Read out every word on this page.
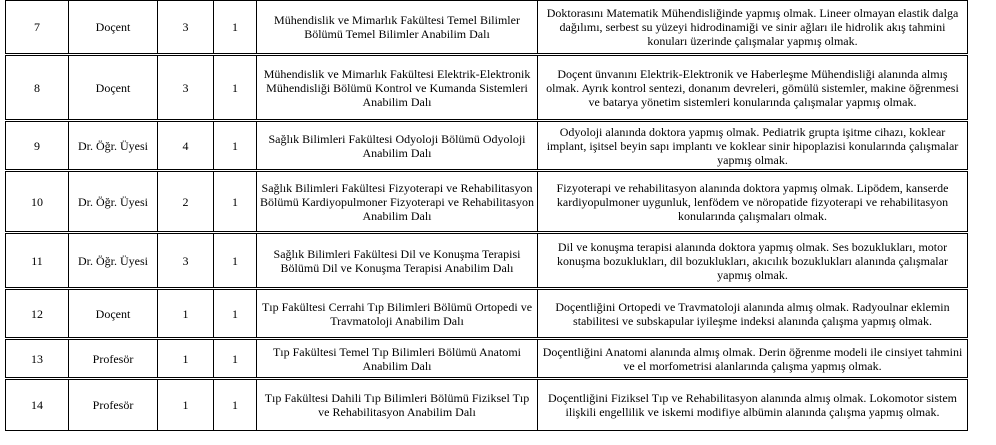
7	Doçent	3	1	Mühendislik ve Mimarlık Fakültesi Temel Bilimler Bölümü Temel Bilimler Anabilim Dalı	Doktorasını Matematik Mühendisliğinde yapmış olmak. Lineer olmayan elastik dalga dağılımı, serbest su yüzeyi hidrodinamiği ve sinir ağları ile hidrolik akış tahmini konuları üzerinde çalışmalar yapmış olmak.
8	Doçent	3	1	Mühendislik ve Mimarlık Fakültesi Elektrik-Elektronik Mühendisliği Bölümü Kontrol ve Kumanda Sistemleri Anabilim Dalı	Doçent ünvanını Elektrik-Elektronik ve Haberleşme Mühendisliği alanında almış olmak. Ayrık kontrol sentezi, donanım devreleri, gömülü sistemler, makine öğrenmesi ve batarya yönetim sistemleri konularında çalışmalar yapmış olmak.
9	Dr. Öğr. Üyesi	4	1	Sağlık Bilimleri Fakültesi Odyoloji Bölümü Odyoloji Anabilim Dalı	Odyoloji alanında doktora yapmış olmak. Pediatrik grupta işitme cihazı, koklear implant, işitsel beyin sapı implantı ve koklear sinir hipoplazisi konularında çalışmalar yapmış olmak.
10	Dr. Öğr. Üyesi	2	1	Sağlık Bilimleri Fakültesi Fizyoterapi ve Rehabilitasyon Bölümü Kardiyopulmoner Fizyoterapi ve Rehabilitasyon Anabilim Dalı	Fizyoterapi ve rehabilitasyon alanında doktora yapmış olmak. Lipödem, kanserde kardiyopulmoner uygunluk, lenfödem ve nöropatide fizyoterapi ve rehabilitasyon konularında çalışmaları olmak.
11	Dr. Öğr. Üyesi	3	1	Sağlık Bilimleri Fakültesi Dil ve Konuşma Terapisi Bölümü Dil ve Konuşma Terapisi Anabilim Dalı	Dil ve konuşma terapisi alanında doktora yapmış olmak. Ses bozuklukları, motor konuşma bozuklukları, dil bozuklukları, akıcılık bozuklukları alanında çalışmalar yapmış olmak.
12	Doçent	1	1	Tıp Fakültesi Cerrahi Tıp Bilimleri Bölümü Ortopedi ve Travmatoloji Anabilim Dalı	Doçentliğini Ortopedi ve Travmatoloji alanında almış olmak. Radyoulnar eklemin stabilitesi ve subskapular iyileşme indeksi alanında çalışma yapmış olmak.
13	Profesör	1	1	Tıp Fakültesi Temel Tıp Bilimleri Bölümü Anatomi Anabilim Dalı	Doçentliğini Anatomi alanında almış olmak. Derin öğrenme modeli ile cinsiyet tahmini ve el morfometrisi alanlarında çalışma yapmış olmak.
14	Profesör	1	1	Tıp Fakültesi Dahili Tıp Bilimleri Bölümü Fiziksel Tıp ve Rehabilitasyon Anabilim Dalı	Doçentliğini Fiziksel Tıp ve Rehabilitasyon alanında almış olmak. Lokomotor sistem ilişkili engellilik ve iskemi modifiye albümin alanında çalışma yapmış olmak.
